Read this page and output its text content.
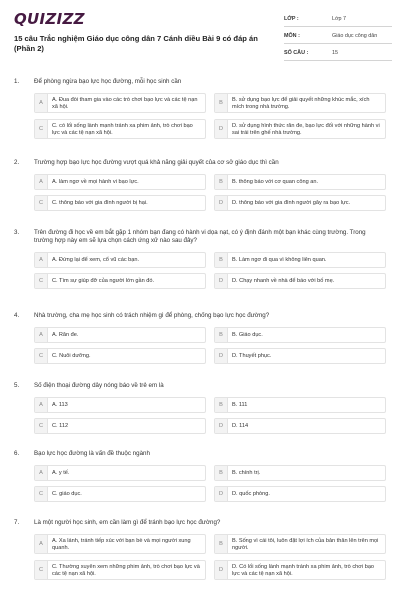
QUIZIZZ
15 câu Trắc nghiệm Giáo dục công dân 7 Cánh diều Bài 9 có đáp án (Phần 2)
LỚP :	Lớp 7
MÔN :	Giáo dục công dân
SỐ CÂU :	15
1. Để phòng ngừa bạo lực học đường, mỗi học sinh cần
A	A. Đua đòi tham gia vào các trò chơi bạo lực và các tệ nạn xã hội.
B	B. sử dụng bạo lực để giải quyết những khúc mắc, xích mích trong nhà trường.
C	C. có lối sống lành mạnh tránh xa phim ảnh, trò chơi bạo lực và các tệ nạn xã hội.
D	D. sử dụng hình thức răn đe, bạo lực đối với những hành vi sai trái trên ghế nhà trường.
2. Trường hợp bạo lực học đường vượt quá khả năng giải quyết của cơ sở giáo dục thì cần
A	A. làm ngơ về mọi hành vi bạo lực.	B	B. thông báo với cơ quan công an.
C	C. thông báo với gia đình người bị hại.	D	D. thông báo với gia đình người gây ra bạo lực.
3. Trên đường đi học về em bắt gặp 1 nhóm bạn đang có hành vi dọa nạt, có ý định đánh một bạn khác cùng trường. Trong trường hợp này em sẽ lựa chọn cách ứng xử nào sau đây?
A	A. Đứng lại để xem, cổ vũ các bạn.	B	B. Làm ngơ đi qua vì không liên quan.
C	C. Tìm sự giúp đỡ của người lớn gần đó.	D	D. Chạy nhanh về nhà để báo với bố mẹ.
4. Nhà trường, cha mẹ học sinh có trách nhiệm gì để phòng, chống bạo lực học đường?
A	A. Răn đe.	B	B. Giáo dục.
C	C. Nuôi dưỡng.	D	D. Thuyết phục.
5. Số điện thoại đường dây nóng báo về trẻ em là
A	A. 113	B	B. 111
C	C. 112	D	D. 114
6. Bạo lực học đường là vấn đề thuộc ngành
A	A. y tế.	B	B. chính trị.
C	C. giáo dục.	D	D. quốc phòng.
7. Là một người học sinh, em cần làm gì để tránh bạo lực học đường?
A	A. Xa lánh, tránh tiếp xúc với bạn bè và mọi người xung quanh.
B	B. Sống vì cái tôi, luôn đặt lợi ích của bản thân lên trên mọi người.
C	C. Thường xuyên xem những phim ảnh, trò chơi bạo lực và các tệ nạn xã hội.
D	D. Có lối sống lành mạnh tránh xa phim ảnh, trò chơi bạo lực và các tệ nạn xã hội.
